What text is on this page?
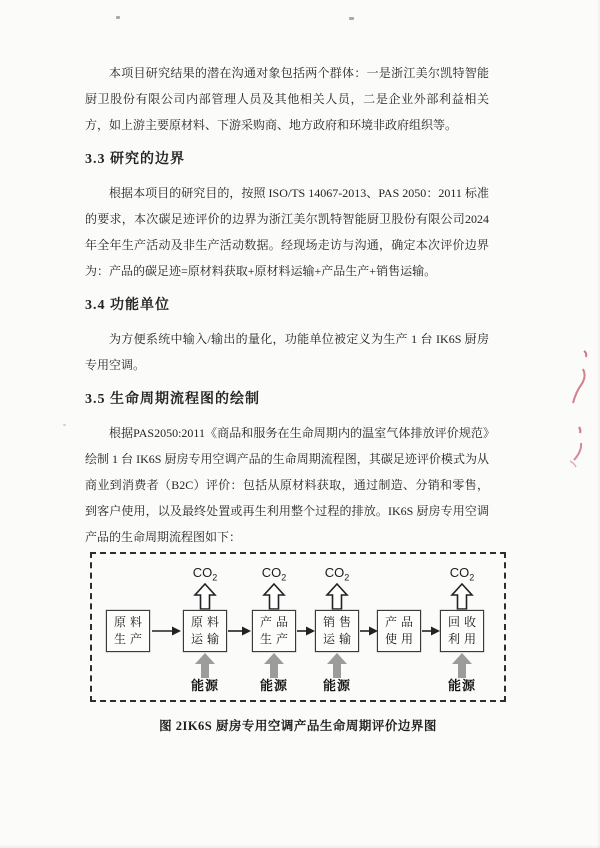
本项目研究结果的潜在沟通对象包括两个群体：一是浙江美尔凯特智能厨卫股份有限公司内部管理人员及其他相关人员，二是企业外部利益相关方，如上游主要原材料、下游采购商、地方政府和环境非政府组织等。

3.3 研究的边界

根据本项目的研究目的，按照 ISO/TS 14067-2013、PAS 2050：2011 标准的要求，本次碳足迹评价的边界为浙江美尔凯特智能厨卫股份有限公司2024年全年生产活动及非生产活动数据。经现场走访与沟通，确定本次评价边界为：产品的碳足迹=原材料获取+原材料运输+产品生产+销售运输。

3.4 功能单位

为方便系统中输入/输出的量化，功能单位被定义为生产 1 台 IK6S 厨房专用空调。

3.5 生命周期流程图的绘制

根据PAS2050:2011《商品和服务在生命周期内的温室气体排放评价规范》绘制 1 台 IK6S 厨房专用空调产品的生命周期流程图，其碳足迹评价模式为从商业到消费者（B2C）评价：包括从原材料获取，通过制造、分销和零售，到客户使用，以及最终处置或再生利用整个过程的排放。IK6S 厨房专用空调产品的生命周期流程图如下：

原料
生产
$CO_2$
原料
运输
能源
$CO_2$
产品
生产
能源
$CO_2$
销售
运输
能源
产品
使用
$CO_2$
回收
利用
能源
图 2IK6S 厨房专用空调产品生命周期评价边界图
